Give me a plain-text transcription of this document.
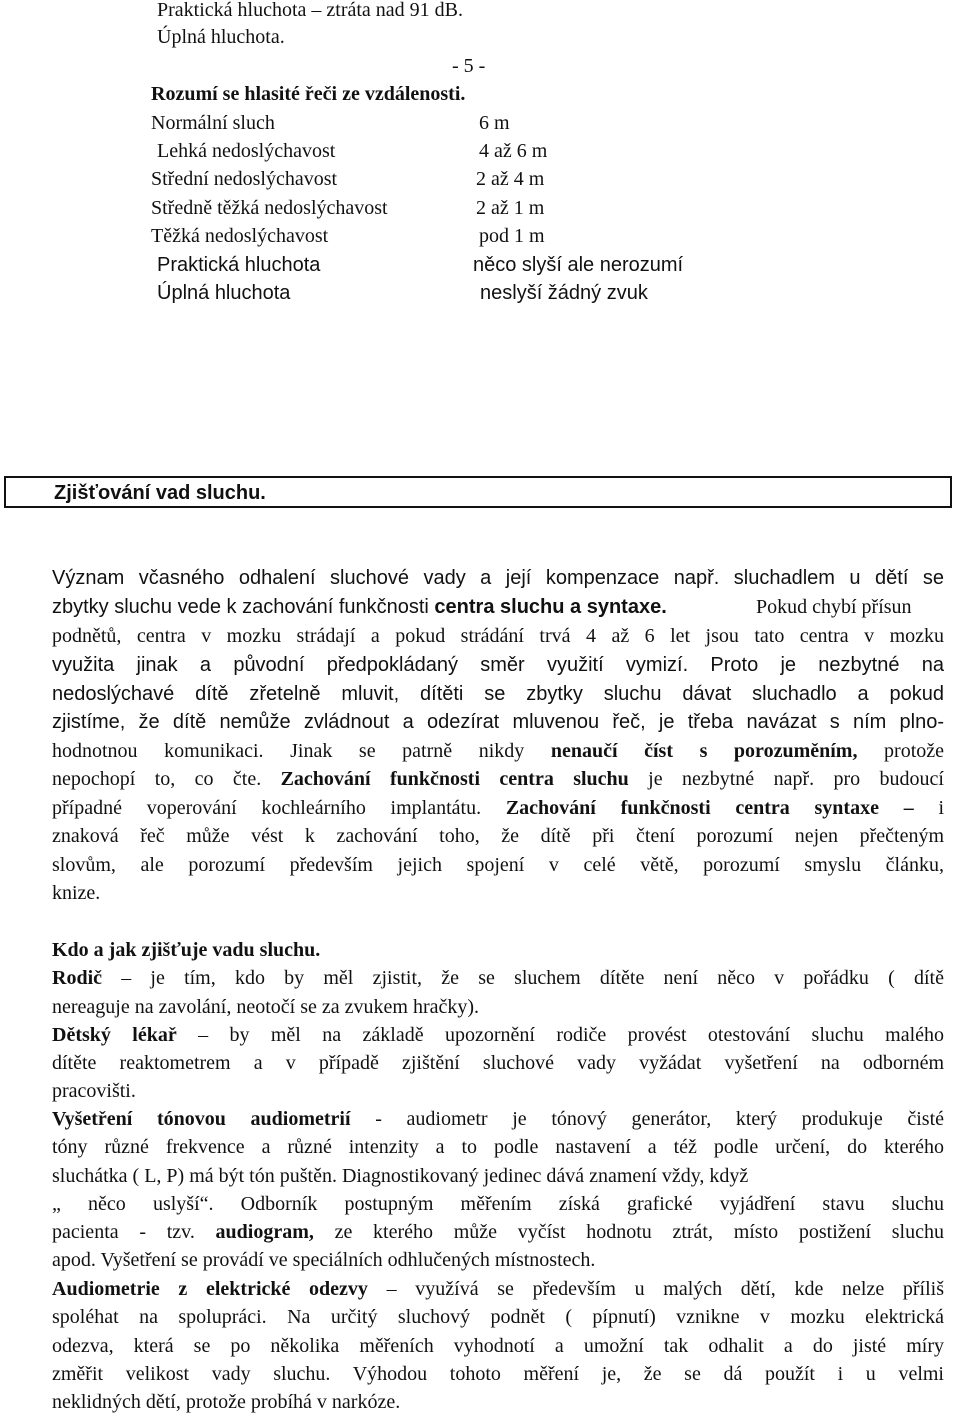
Praktická hluchota – ztráta nad 91 dB.
Úplná hluchota.
- 5 -
Rozumí se hlasité řeči ze vzdálenosti.
Normální sluch	6 m
Lehká nedoslýchavost	4 až 6 m
Střední nedoslýchavost	2 až 4 m
Středně těžká nedoslýchavost	2 až 1 m
Těžká nedoslýchavost	pod 1 m
Praktická hluchota	něco slyší ale nerozumí
Úplná hluchota	neslyší žádný zvuk
Zjišťování vad sluchu.
Význam včasného odhalení sluchové vady a její kompenzace např. sluchadlem u dětí se
zbytky sluchu vede k zachování funkčnosti centra sluchu a syntaxe.	Pokud chybí přísun
podnětů, centra v mozku strádají a pokud strádání trvá 4 až 6 let jsou tato centra v mozku
využita jinak a původní předpokládaný směr využití vymizí. Proto je nezbytné na
nedoslýchavé dítě zřetelně mluvit, dítěti se zbytky sluchu dávat sluchadlo a pokud
zjistíme, že dítě nemůže zvládnout a odezírat mluvenou řeč, je třeba navázat s ním plno-
hodnotnou komunikaci. Jinak se patrně nikdy nenaučí číst s porozuměním, protože
nepochopí to, co čte. Zachování funkčnosti centra sluchu je nezbytné např. pro budoucí
případné voperování kochleárního implantátu. Zachování funkčnosti centra syntaxe – i
znaková řeč může vést k zachování toho, že dítě při čtení porozumí nejen přečteným
slovům, ale porozumí především jejich spojení v celé větě, porozumí smyslu článku,
knize.
Kdo a jak zjišťuje vadu sluchu.
Rodič – je tím, kdo by měl zjistit, že se sluchem dítěte není něco v pořádku ( dítě
nereaguje na zavolání, neotočí se za zvukem hračky).
Dětský lékař – by měl na základě upozornění rodiče provést otestování sluchu malého
dítěte reaktometrem a v případě zjištění sluchové vady vyžádat vyšetření na odborném
pracovišti.
Vyšetření tónovou audiometrií - audiometr je tónový generátor, který produkuje čisté
tóny různé frekvence a různé intenzity a to podle nastavení a též podle určení, do kterého
sluchátka ( L, P) má být tón puštěn. Diagnostikovaný jedinec dává znamení vždy, když
„ něco uslyší“. Odborník postupným měřením získá grafické vyjádření stavu sluchu
pacienta - tzv. audiogram, ze kterého může vyčíst hodnotu ztrát, místo postižení sluchu
apod. Vyšetření se provádí ve speciálních odhlučených místnostech.
Audiometrie z elektrické odezvy – využívá se především u malých dětí, kde nelze příliš
spoléhat na spolupráci. Na určitý sluchový podnět ( pípnutí) vznikne v mozku elektrická
odezva, která se po několika měřeních vyhodnotí a umožní tak odhalit a do jisté míry
změřit velikost vady sluchu. Výhodou tohoto měření je, že se dá použít i u velmi
neklidných dětí, protože probíhá v narkóze.
